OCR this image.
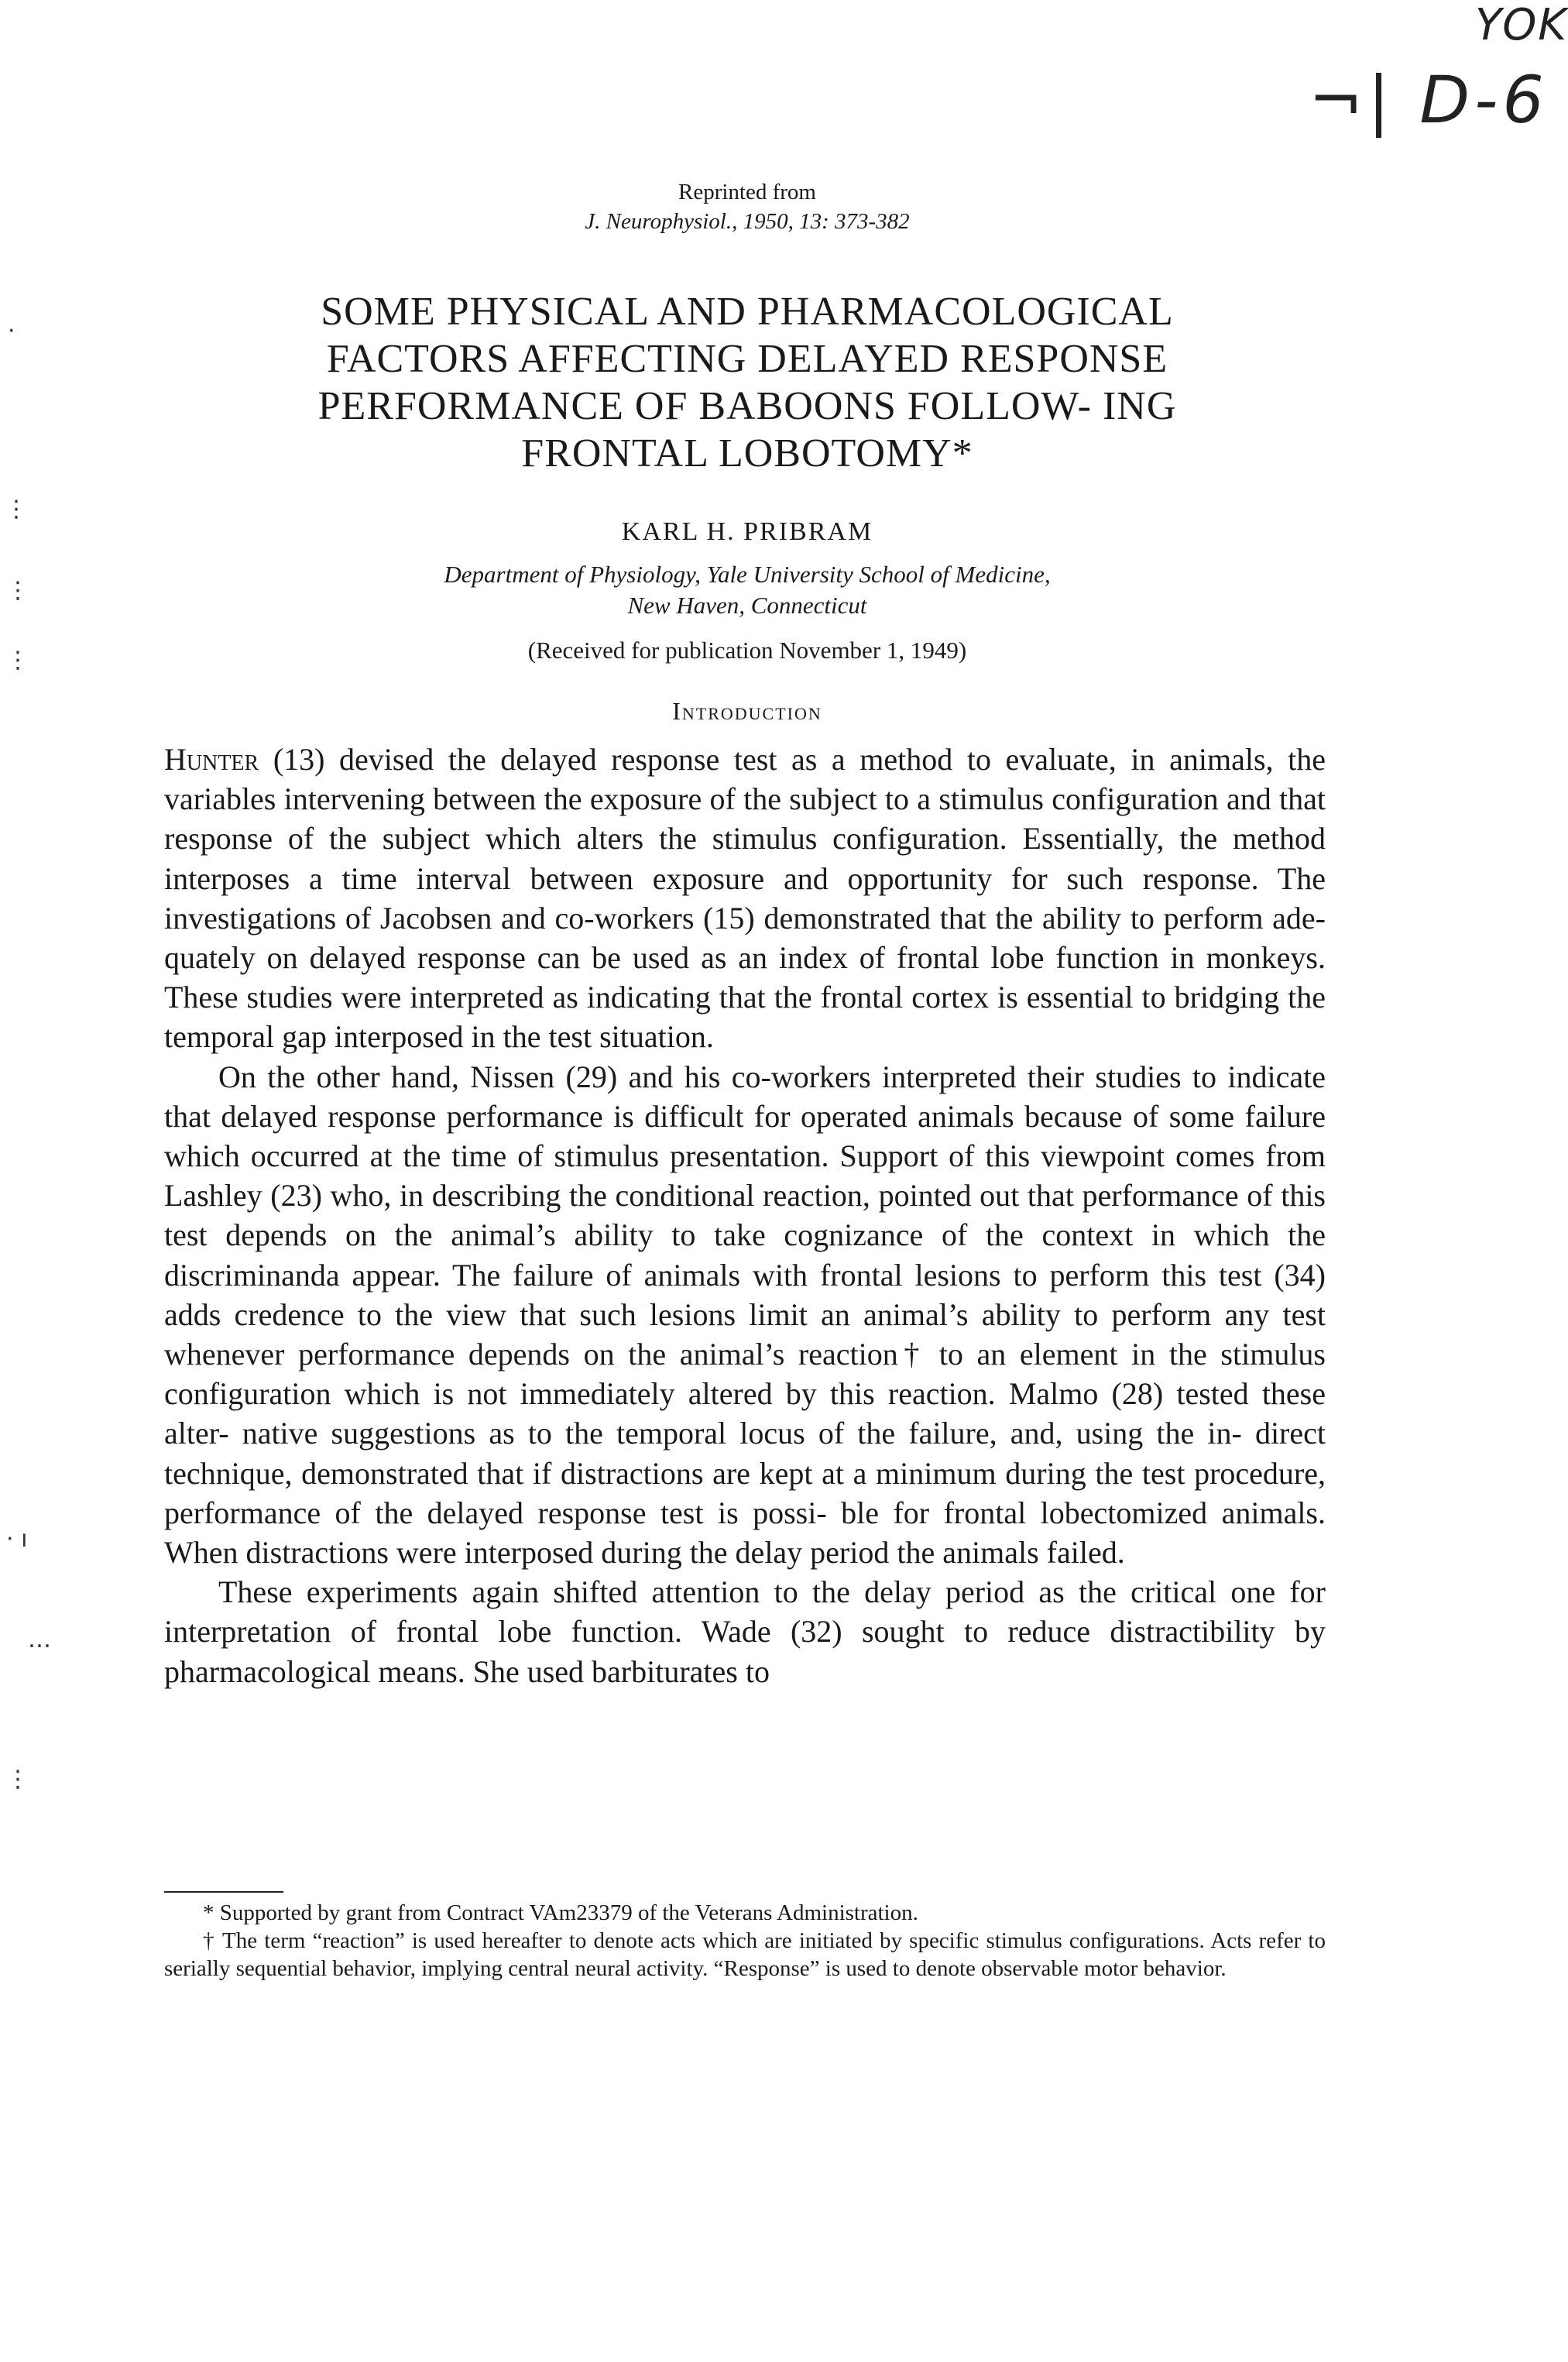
YOK
¬| D-6
·
⋮
⋮
⋮
· ı
…
⋮
Reprinted from
J. Neurophysiol., 1950, 13: 373-382
SOME PHYSICAL AND PHARMACOLOGICAL FACTORS AFFECTING DELAYED RESPONSE PERFORMANCE OF BABOONS FOLLOW- ING FRONTAL LOBOTOMY*
KARL H. PRIBRAM
Department of Physiology, Yale University School of Medicine,
New Haven, Connecticut
(Received for publication November 1, 1949)
Introduction

Hunter (13) devised the delayed response test as a method to evaluate, in animals, the variables intervening between the exposure of the subject to a stimulus configuration and that response of the subject which alters the stimulus configuration. Essentially, the method interposes a time interval between exposure and opportunity for such response. The investigations of Jacobsen and co-workers (15) demonstrated that the ability to perform ade- quately on delayed response can be used as an index of frontal lobe function in monkeys. These studies were interpreted as indicating that the frontal cortex is essential to bridging the temporal gap interposed in the test situation.

On the other hand, Nissen (29) and his co-workers interpreted their studies to indicate that delayed response performance is difficult for operated animals because of some failure which occurred at the time of stimulus presentation. Support of this viewpoint comes from Lashley (23) who, in describing the conditional reaction, pointed out that performance of this test depends on the animal’s ability to take cognizance of the context in which the discriminanda appear. The failure of animals with frontal lesions to perform this test (34) adds credence to the view that such lesions limit an animal’s ability to perform any test whenever performance depends on the animal’s reaction† to an element in the stimulus configuration which is not immediately altered by this reaction. Malmo (28) tested these alter- native suggestions as to the temporal locus of the failure, and, using the in- direct technique, demonstrated that if distractions are kept at a minimum during the test procedure, performance of the delayed response test is possi- ble for frontal lobectomized animals. When distractions were interposed during the delay period the animals failed.

These experiments again shifted attention to the delay period as the critical one for interpretation of frontal lobe function. Wade (32) sought to reduce distractibility by pharmacological means. She used barbiturates to

* Supported by grant from Contract VAm23379 of the Veterans Administration.

† The term “reaction” is used hereafter to denote acts which are initiated by specific stimulus configurations. Acts refer to serially sequential behavior, implying central neural activity. “Response” is used to denote observable motor behavior.
